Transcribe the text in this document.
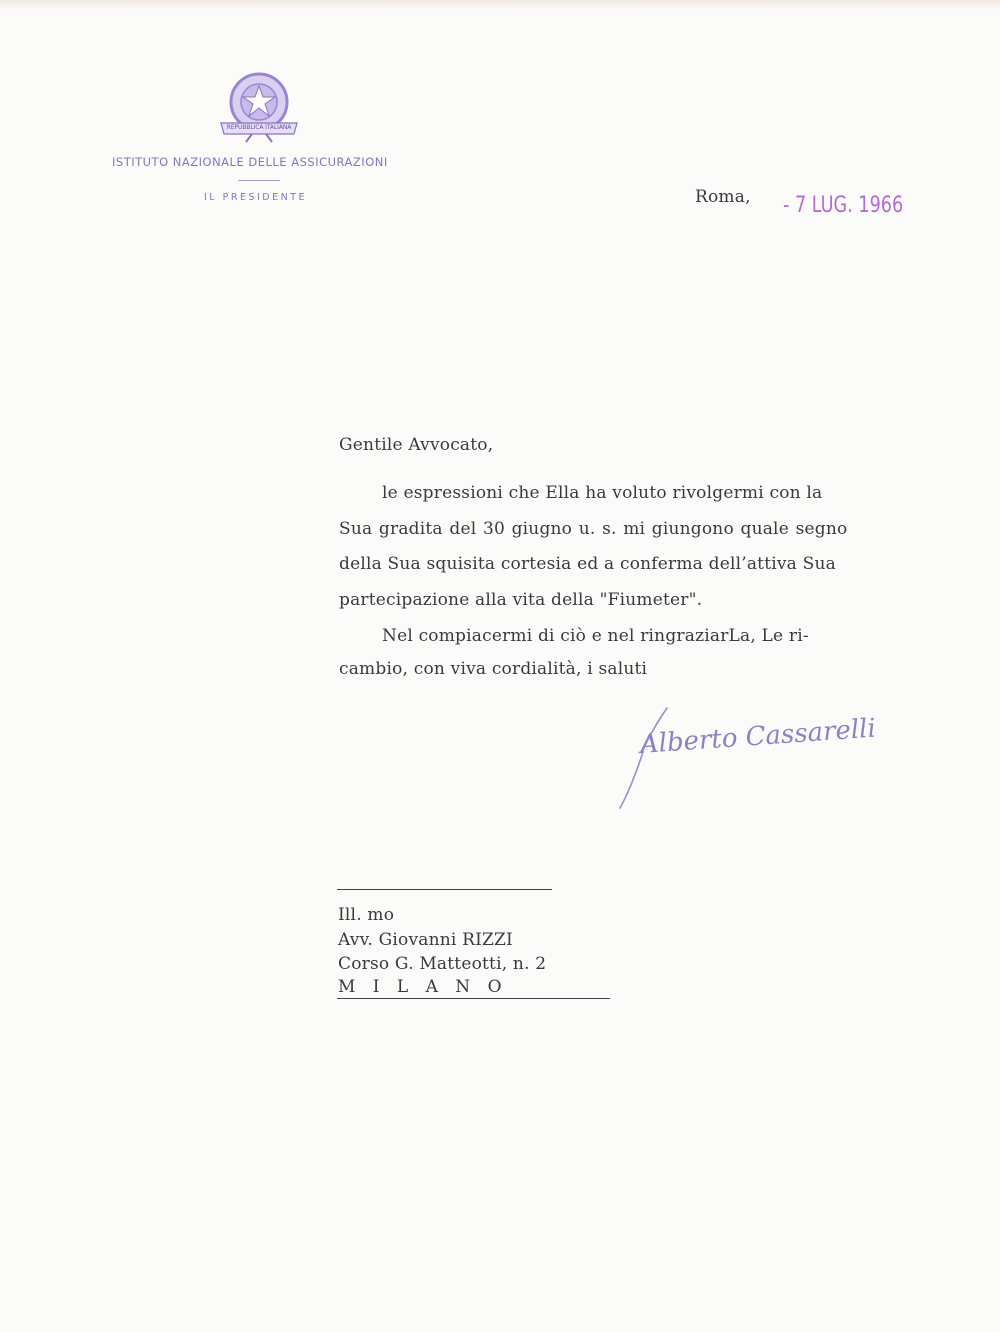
REPUBBLICA ITALIANA
ISTITUTO NAZIONALE DELLE ASSICURAZIONI
IL PRESIDENTE	Roma, - 7 LUG. 1966
Gentile Avvocato,
le espressioni che Ella ha voluto rivolgermi con la
Sua gradita del 30 giugno u. s. mi giungono quale segno
della Sua squisita cortesia ed a conferma dell’attiva Sua
partecipazione alla vita della "Fiumeter".
Nel compiacermi di ciò e nel ringraziarLa, Le ri-
cambio, con viva cordialità, i saluti
Alberto Cassarelli
Ill. mo
Avv. Giovanni RIZZI
Corso G. Matteotti, n. 2
M I L A N O
